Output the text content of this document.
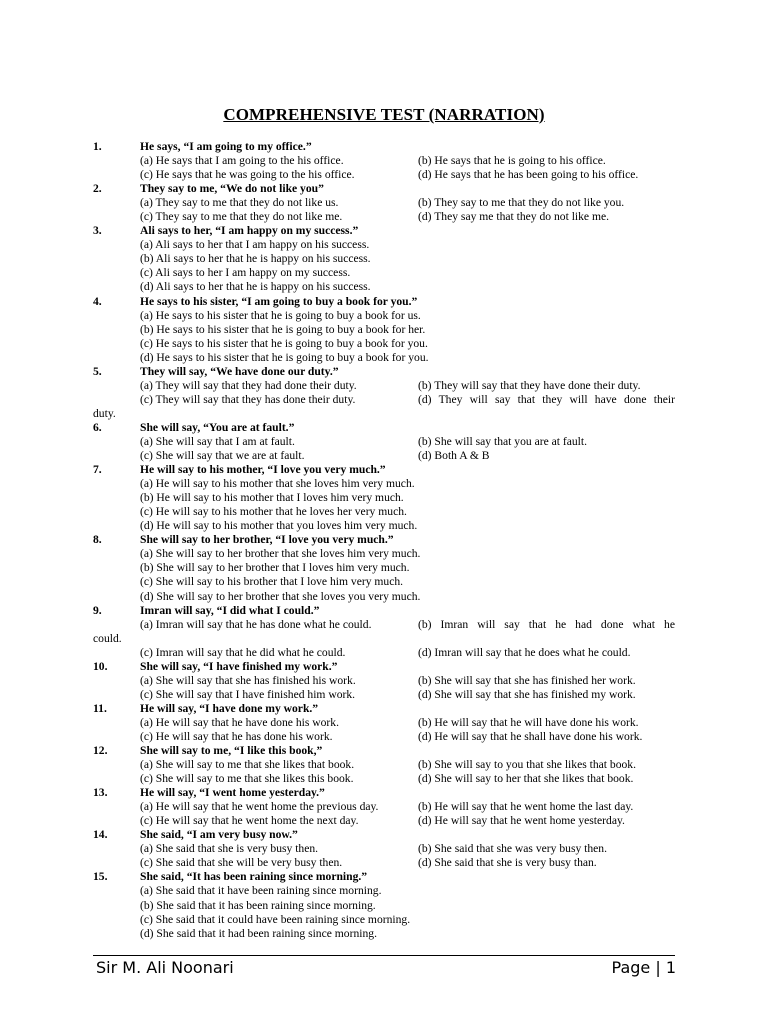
COMPREHENSIVE TEST (NARRATION)
1.	He says, “I am going to my office.”
(a) He says that I am going to the his office.	(b) He says that he is going to his office.
(c) He says that he was going to the his office.	(d) He says that he has been going to his office.
2.	They say to me, “We do not like you”
(a) They say to me that they do not like us.	(b) They say to me that they do not like you.
(c) They say to me that they do not like me.	(d) They say me that they do not like me.
3.	Ali says to her, “I am happy on my success.”
(a) Ali says to her that I am happy on his success.
(b) Ali says to her that he is happy on his success.
(c) Ali says to her I am happy on my success.
(d) Ali says to her that he is happy on his success.
4.	He says to his sister, “I am going to buy a book for you.”
(a) He says to his sister that he is going to buy a book for us.
(b) He says to his sister that he is going to buy a book for her.
(c) He says to his sister that he is going to buy a book for you.
(d) He says to his sister that he is going to buy a book for you.
5.	They will say, “We have done our duty.”
(a) They will say that they had done their duty.	(b) They will say that they have done their duty.
(c) They will say that they has done their duty.	(d) They will say that they will have done their
duty.
6.	She will say, “You are at fault.”
(a) She will say that I am at fault.	(b) She will say that you are at fault.
(c) She will say that we are at fault.	(d) Both A & B
7.	He will say to his mother, “I love you very much.”
(a) He will say to his mother that she loves him very much.
(b) He will say to his mother that I loves him very much.
(c) He will say to his mother that he loves her very much.
(d) He will say to his mother that you loves him very much.
8.	She will say to her brother, “I love you very much.”
(a) She will say to her brother that she loves him very much.
(b) She will say to her brother that I loves him very much.
(c) She will say to his brother that I love him very much.
(d) She will say to her brother that she loves you very much.
9.	Imran will say, “I did what I could.”
(a) Imran will say that he has done what he could.	(b) Imran will say that he had done what he
could.
(c) Imran will say that he did what he could.	(d) Imran will say that he does what he could.
10.	She will say, “I have finished my work.”
(a) She will say that she has finished his work.	(b) She will say that she has finished her work.
(c) She will say that I have finished him work.	(d) She will say that she has finished my work.
11.	He will say, “I have done my work.”
(a) He will say that he have done his work.	(b) He will say that he will have done his work.
(c) He will say that he has done his work.	(d) He will say that he shall have done his work.
12.	She will say to me, “I like this book,”
(a) She will say to me that she likes that book.	(b) She will say to you that she likes that book.
(c) She will say to me that she likes this book.	(d) She will say to her that she likes that book.
13.	He will say, “I went home yesterday.”
(a) He will say that he went home the previous day.	(b) He will say that he went home the last day.
(c) He will say that he went home the next day.	(d) He will say that he went home yesterday.
14.	She said, “I am very busy now.”
(a) She said that she is very busy then.	(b) She said that she was very busy then.
(c) She said that she will be very busy then.	(d) She said that she is very busy than.
15.	She said, “It has been raining since morning.”
(a) She said that it have been raining since morning.
(b) She said that it has been raining since morning.
(c) She said that it could have been raining since morning.
(d) She said that it had been raining since morning.
Sir M. Ali Noonari	Page | 1
